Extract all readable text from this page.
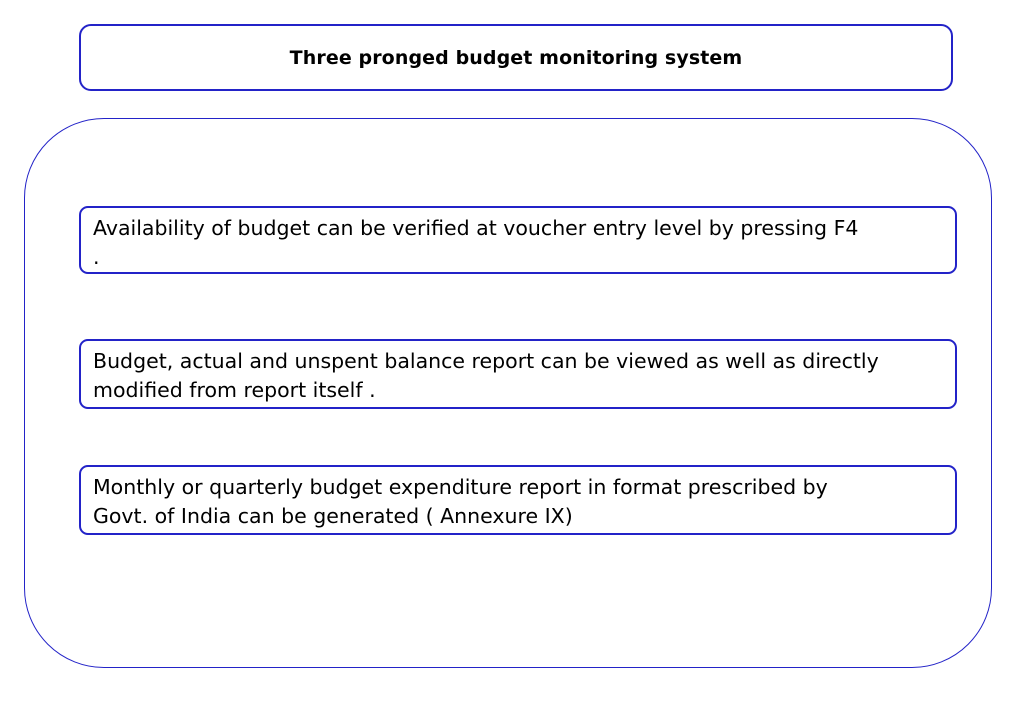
Three pronged budget monitoring system
Availability of budget can be verified at voucher entry level by pressing F4
.
Budget, actual and unspent balance report can be viewed as well as directly
modified from report itself .
Monthly or quarterly budget expenditure report in format prescribed by
Govt. of India can be generated ( Annexure IX)
